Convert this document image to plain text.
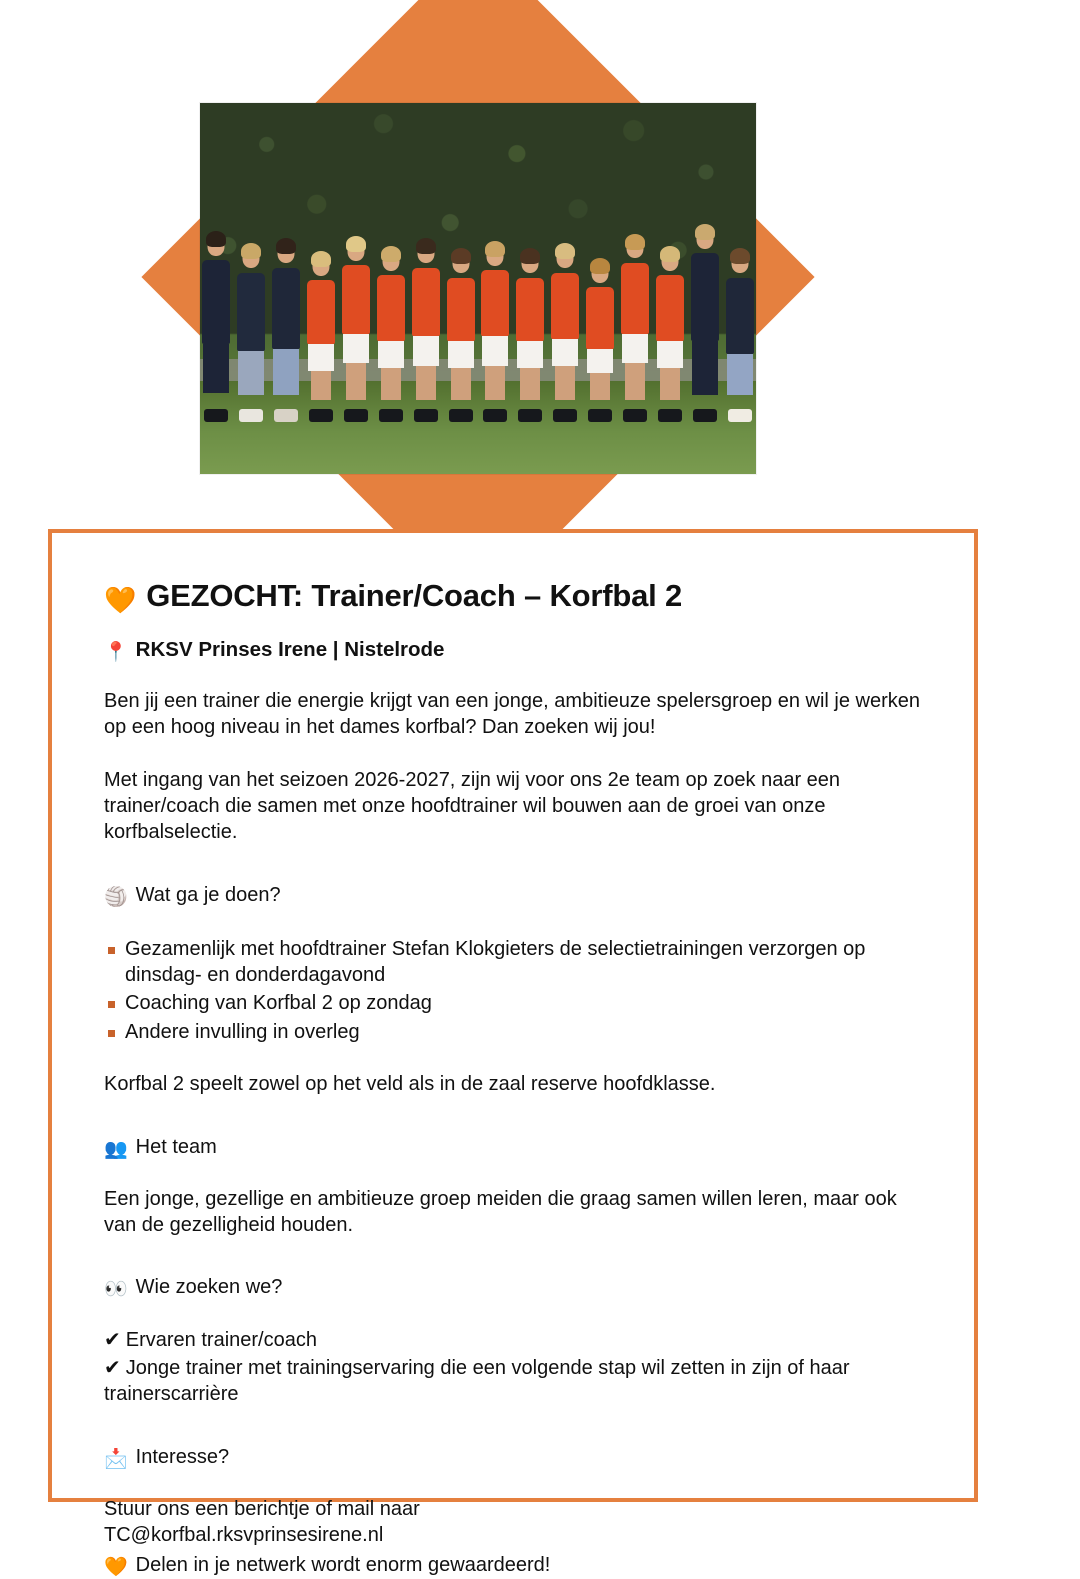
🧡 GEZOCHT: Trainer/Coach – Korfbal 2
📍 RKSV Prinses Irene | Nistelrode

Ben jij een trainer die energie krijgt van een jonge, ambitieuze spelersgroep en wil je werken op een hoog niveau in het dames korfbal? Dan zoeken wij jou!

Met ingang van het seizoen 2026-2027, zijn wij voor ons 2e team op zoek naar een trainer/coach die samen met onze hoofdtrainer wil bouwen aan de groei van onze korfbalselectie.

🏐 Wat ga je doen?
Gezamenlijk met hoofdtrainer Stefan Klokgieters de selectietrainingen verzorgen op dinsdag- en donderdagavond
Coaching van Korfbal 2 op zondag
Andere invulling in overleg

Korfbal 2 speelt zowel op het veld als in de zaal reserve hoofdklasse.

👥 Het team

Een jonge, gezellige en ambitieuze groep meiden die graag samen willen leren, maar ook van de gezelligheid houden.

👀 Wie zoeken we?
✔ Ervaren trainer/coach
✔ Jonge trainer met trainingservaring die een volgende stap wil zetten in zijn of haar trainerscarrière
📩 Interesse?
Stuur ons een berichtje of mail naar
TC@korfbal.rksvprinsesirene.nl
🧡 Delen in je netwerk wordt enorm gewaardeerd!
